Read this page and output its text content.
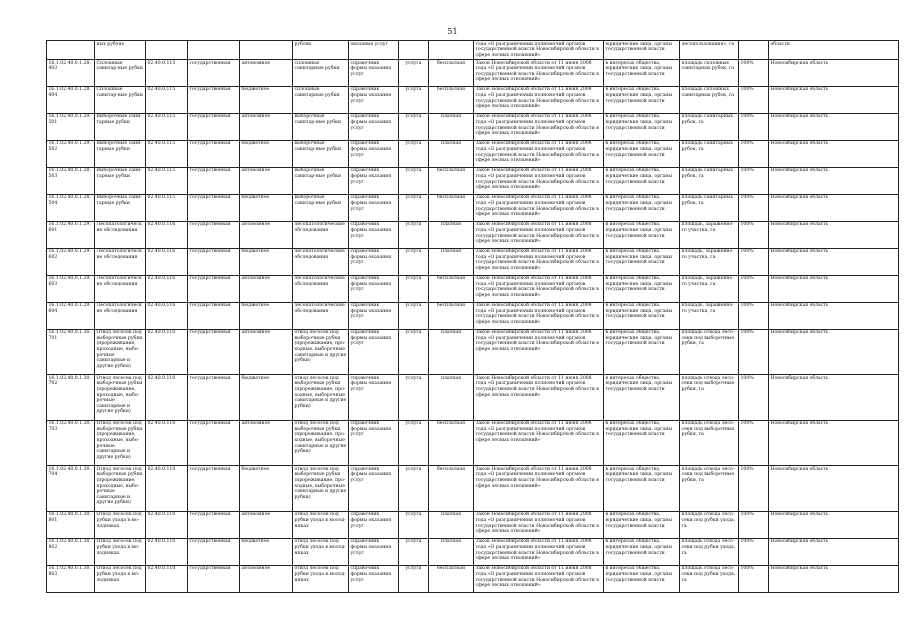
51
	ных рублях				рублях	оказания услуг			года «О разграничении полномочий органов государственной власти Новосибирской области в сфере лесных отношений»	юридические лица, органы государственной власти	лесопользования», га		области
16.1.02.40.0.1.28.403	Сплошные санитар-ные рубки	02.40.0.115	государственная	автономное	сплошные санитарные рубки	справочник формы оказания услуг	услуга	бесплатная	Закон Новосибирской области от 11 июня 2008 года «О разграничении полномочий органов государственной власти Новосибирской области в сфере лесных отношений»	в интересах общества, юридические лица, органы государственной власти	площадь сплошных санитарных рубок, га	100%	Новосибирская область
16.1.02.40.0.1.28.404	Сплошные санитар-ные рубки	02.40.0.115	государственная	бюджетное	сплошные санитарные рубки	справочник формы оказания услуг	услуга	бесплатная	Закон Новосибирской области от 11 июня 2008 года «О разграничении полномочий органов государственной власти Новосибирской области в сфере лесных отношений»	в интересах общества, юридические лица, органы государственной власти	площадь сплошных санитарных рубок, га	100%	Новосибирская область
16.1.02.40.0.1.29.501	Выборочные сани-тарные рубки	02.40.0.115	государственная	автономное	выборочные санитар-ные рубки	справочник формы оказания услуг	услуга	платная	Закон Новосибирской области от 11 июня 2008 года «О разграничении полномочий органов государственной власти Новосибирской области в сфере лесных отношений»	в интересах общества, юридические лица, органы государственной власти	площадь санитарных рубок, га	100%	Новосибирская область
16.1.02.40.0.1.29.502	Выборочные сани-тарные рубки	02.40.0.115	государственная	бюджетное	выборочные санитар-ные рубки	справочник формы оказания услуг	услуга	платная	Закон Новосибирской области от 11 июня 2008 года «О разграничении полномочий органов государственной власти Новосибирской области в сфере лесных отношений»	в интересах общества, юридические лица, органы государственной власти	площадь санитарных рубок, га	100%	Новосибирская область
16.1.02.40.0.1.28.503	Выборочные сани-тарные рубки	02.40.0.115	государственная	автономное	выборочные санитар-ные рубки	справочник формы оказания услуг	услуга	бесплатная	Закон Новосибирской области от 11 июня 2008 года «О разграничении полномочий органов государственной власти Новосибирской области в сфере лесных отношений»	в интересах общества, юридические лица, органы государственной власти	площадь санитарных рубок, га	100%	Новосибирская область
16.1.02.40.0.1.28.504	Выборочные сани-тарные рубки	02.40.0.115	государственная	бюджетное	выборочные санитар-ные рубки	справочник формы оказания услуг	услуга	бесплатная	Закон Новосибирской области от 11 июня 2008 года «О разграничении полномочий органов государственной власти Новосибирской области в сфере лесных отношений»	в интересах общества, юридические лица, органы государственной власти	площадь санитарных рубок, га	100%	Новосибирская область
16.1.02.40.0.1.29.601	Лесопатологические обследования	02.40.0.116	государственная	автономное	лесопатологические обследования	справочник формы оказания услуг	услуга	платная	Закон Новосибирской области от 11 июня 2008 года «О разграничении полномочий органов государственной власти Новосибирской области в сфере лесных отношений»	в интересах общества, юридические лица, органы государственной власти	площадь, заражённо-го участка, га	100%	Новосибирская область
16.1.02.40.0.1.29.602	Лесопатологические обследования	02.40.0.116	государственная	бюджетное	лесопатологические обследования	справочник формы оказания услуг	услуга	платная	Закон Новосибирской области от 11 июня 2008 года «О разграничении полномочий органов государственной власти Новосибирской области в сфере лесных отношений»	в интересах общества, юридические лица, органы государственной власти	площадь, заражённо-го участка, га	100%	Новосибирская область
16.1.02.40.0.1.29.603	Лесопатологические обследования	02.40.0.116	государственная	автономное	лесопатологические обследования	справочник формы оказания услуг	услуга	бесплатная	Закон Новосибирской области от 11 июня 2008 года «О разграничении полномочий органов государственной власти Новосибирской области в сфере лесных отношений»	в интересах общества, юридические лица, органы государственной власти	площадь, заражённо-го участка, га	100%	Новосибирская область
16.1.02.40.0.1.29.604	Лесопатологические обследования	02.40.0.116	государственная	бюджетное	лесопатологические обследования	справочник формы оказания услуг	услуга	бесплатная	Закон Новосибирской области от 11 июня 2008 года «О разграничении полномочий органов государственной власти Новосибирской области в сфере лесных отношений»	в интересах общества, юридические лица, органы государственной власти	площадь, заражённо-го участка, га	100%	Новосибирская область
16.1.02.40.0.1.30.701	Отвод лесосек под выборочные рубки (прореживание, проходные, выбо-рочные санитарные и другие рубки)	02.40.0.110	государственная	автономное	отвод лесосек под выборочные рубки (прореживание, про-ходные, выборочные санитарные и другие рубки)	справочник формы оказания услуг	услуга	платная	Закон Новосибирской области от 11 июня 2008 года «О разграничении полномочий органов государственной власти Новосибирской области в сфере лесных отношений»	в интересах общества, юридические лица, органы государственной власти	площадь отвода лесо-секи под выборочные рубки, га	100%	Новосибирская область
16.1.02.40.0.1.30.702	Отвод лесосек под выборочные рубки (прореживание, проходные, выбо-рочные санитарные и другие рубки)	02.40.0.110	государственная	бюджетное	отвод лесосек под выборочные рубки (прореживание, про-ходные, выборочные санитарные и другие рубки)	справочник формы оказания услуг	услуга	платная	Закон Новосибирской области от 11 июня 2008 года «О разграничении полномочий органов государственной власти Новосибирской области в сфере лесных отношений»	в интересах общества, юридические лица, органы государственной власти	площадь отвода лесо-секи под выборочные рубки, га	100%	Новосибирская область
16.1.02.40.0.1.30.703	Отвод лесосек под выборочные рубки (прореживание, проходные, выбо-рочные санитарные и другие рубки)	02.40.0.110	государственная	автономное	отвод лесосек под выборочные рубки (прореживание, про-ходные, выборочные санитарные и другие рубки)	справочник формы оказания услуг	услуга	бесплатная	Закон Новосибирской области от 11 июня 2008 года «О разграничении полномочий органов государственной власти Новосибирской области в сфере лесных отношений»	в интересах общества, юридические лица, органы государственной власти	площадь отвода лесо-секи под выборочные рубки, га	100%	Новосибирская область
16.1.02.40.0.1.30.704	Отвод лесосек под выборочные рубки (прореживание, проходные, выбо-рочные санитарные и другие рубки)	02.40.0.110	государственная	бюджетное	отвод лесосек под выборочные рубки (прореживание, про-ходные, выборочные санитарные и другие рубки)	справочник формы оказания услуг	услуга	бесплатная	Закон Новосибирской области от 11 июня 2008 года «О разграничении полномочий органов государственной власти Новосибирской области в сфере лесных отношений»	в интересах общества, юридические лица, органы государственной власти	площадь отвода лесо-секи под выборочные рубки, га	100%	Новосибирская область
16.1.02.40.0.1.30.801	Отвод лесосек под рубки ухода в мо-лодняках	02.40.0.110	государственная	автономное	отвод лесосек под рубки ухода в молод-няках	справочник формы оказания услуг	услуга	платная	Закон Новосибирской области от 11 июня 2008 года «О разграничении полномочий органов государственной власти Новосибирской области в сфере лесных отношений»	в интересах общества, юридические лица, органы государственной власти	площадь отвода лесо-секи под рубки ухода, га	100%	Новосибирская область
16.1.02.40.0.1.30.802	Отвод лесосек под рубки ухода в мо-лодняках	02.40.0.110	государственная	бюджетное	отвод лесосек под рубки ухода в молод-няках	справочник формы оказания услуг	услуга	платная	Закон Новосибирской области от 11 июня 2008 года «О разграничении полномочий органов государственной власти Новосибирской области в сфере лесных отношений»	в интересах общества, юридические лица, органы государственной власти	площадь отвода лесо-секи под рубки ухода, га	100%	Новосибирская область
16.1.02.40.0.1.30.803	Отвод лесосек под рубки ухода в мо-лодняках	02.40.0.110	государственная	автономное	отвод лесосек под рубки ухода в молод-няках	справочник формы оказания услуг	услуга	бесплатная	Закон Новосибирской области от 11 июня 2008 года «О разграничении полномочий органов государственной власти Новосибирской области в сфере лесных отношений»	в интересах общества, юридические лица, органы государственной власти	площадь отвода лесо-секи под рубки ухода, га	100%	Новосибирская область
